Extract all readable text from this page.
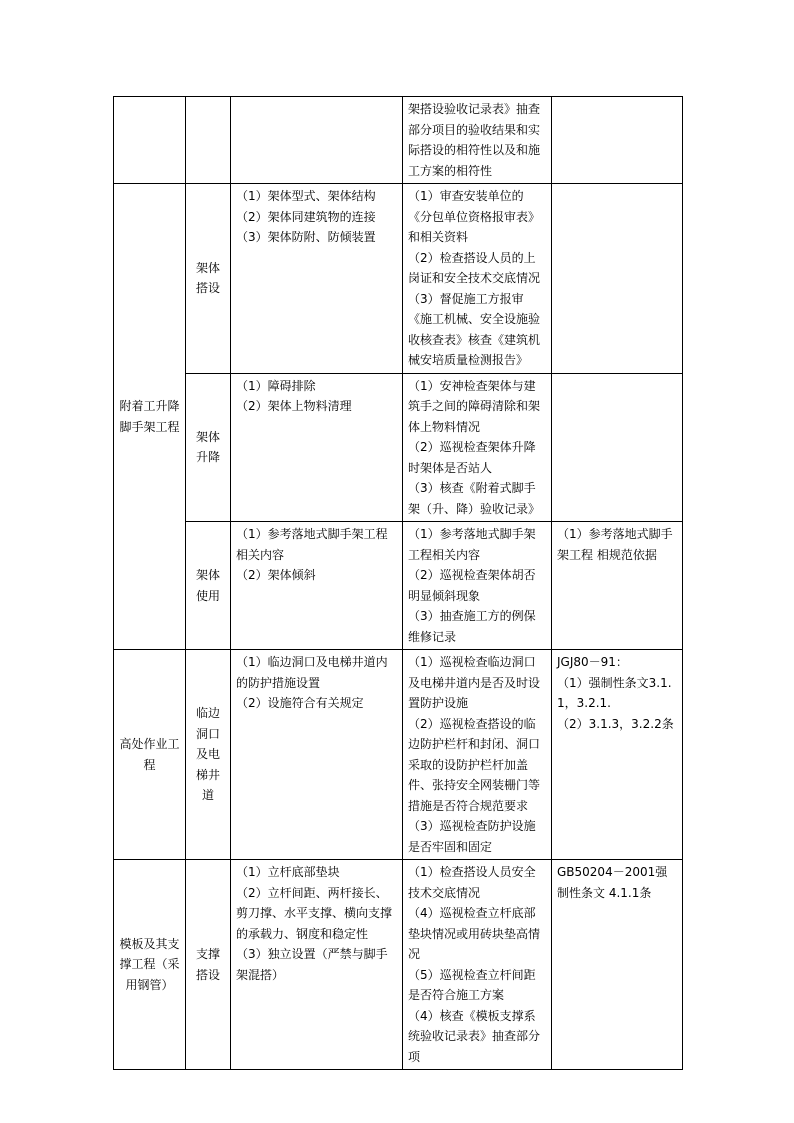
			架搭设验收记录表》抽查部分项目的验收结果和实际搭设的相符性以及和施工方案的相符性	

附着工升降脚手架工程	架体搭设	（1）架体型式、架体结构
（2）架体同建筑物的连接
（3）架体防附、防倾装置	（1）审查安装单位的《分包单位资格报审表》和相关资料
（2）检查搭设人员的上岗证和安全技术交底情况
（3）督促施工方报审《施工机械、安全设施验收核查表》核查《建筑机械安培质量检测报告》	

	架体升降	（1）障碍排除
（2）架体上物料清理	（1）安神检查架体与建筑手之间的障碍清除和架体上物料情况
（2）巡视检查架体升降时架体是否站人
（3）核查《附着式脚手架（升、降）验收记录》	

	架体使用	（1）参考落地式脚手架工程相关内容
（2）架体倾斜	（1）参考落地式脚手架工程相关内容
（2）巡视检查架体胡否明显倾斜现象
（3）抽查施工方的例保维修记录	（1）参考落地式脚手架工程 相规范依据

高处作业工程	临边洞口及电梯井道	（1）临边洞口及电梯井道内的防护措施设置
（2）设施符合有关规定	（1）巡视检查临边洞口及电梯井道内是否及时设置防护设施
（2）巡视检查搭设的临边防护栏杆和封闭、洞口采取的设防护栏杆加盖件、张持安全网装栅门等措施是否符合规范要求
（3）巡视检查防护设施是否牢固和固定	JGJ80－91：
（1）强制性条文3.1.1，3.2.1.
（2）3.1.3，3.2.2条

模板及其支撑工程（采用钢管）	支撑搭设	（1）立杆底部垫块
（2）立杆间距、两杆接长、剪刀撑、水平支撑、横向支撑的承载力、钢度和稳定性
（3）独立设置（严禁与脚手架混搭）	（1）检查搭设人员安全技术交底情况
（4）巡视检查立杆底部垫块情况或用砖块垫高情况
（5）巡视检查立杆间距是否符合施工方案
（4）核查《模板支撑系统验收记录表》抽查部分项	GB50204－2001强制性条文 4.1.1条
